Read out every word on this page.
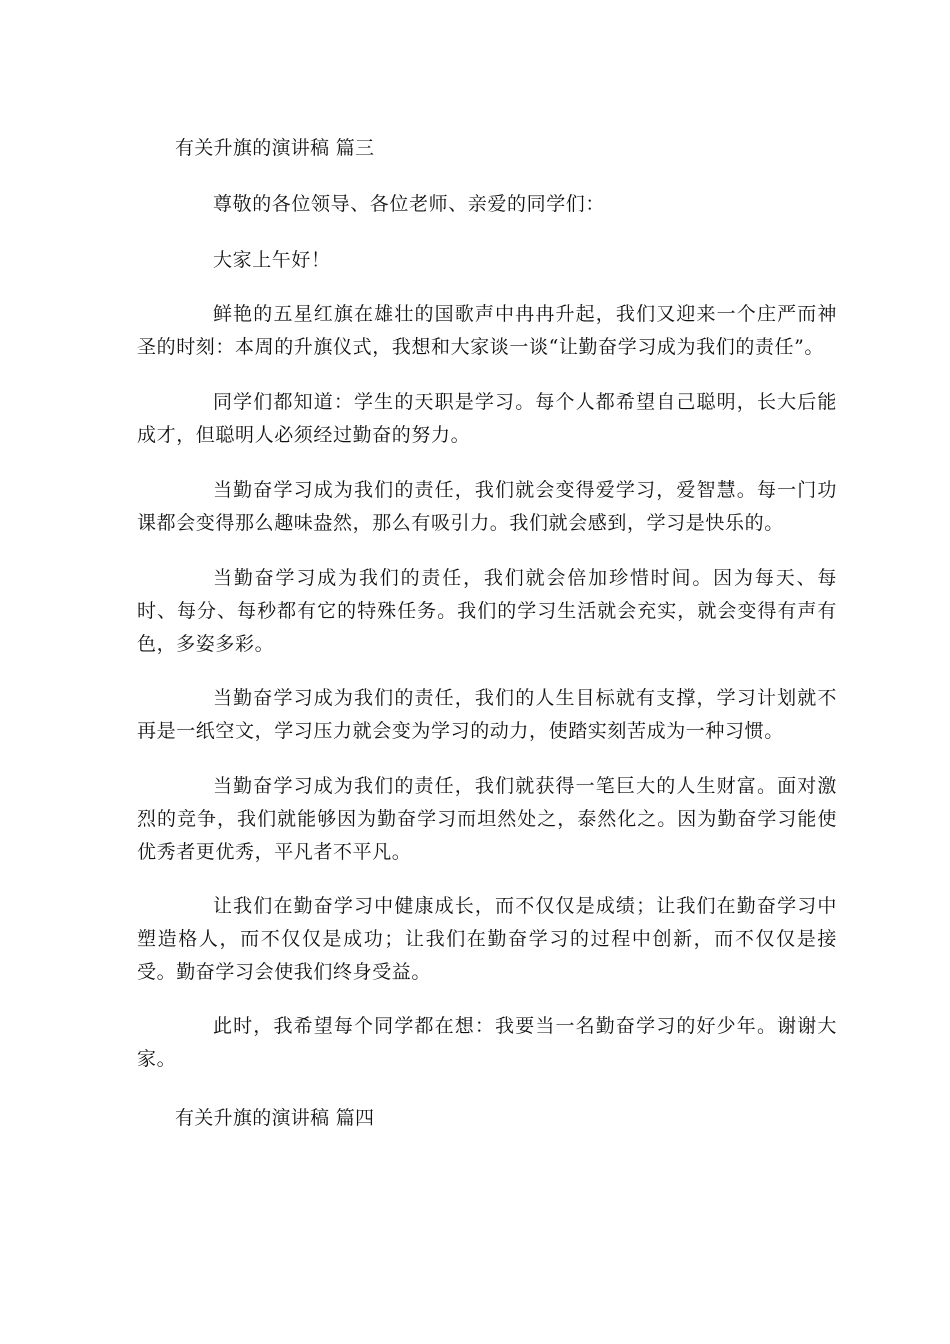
有关升旗的演讲稿 篇三
尊敬的各位领导、各位老师、亲爱的同学们：
大家上午好！
鲜艳的五星红旗在雄壮的国歌声中冉冉升起，我们又迎来一个庄严而神圣的时刻：本周的升旗仪式，我想和大家谈一谈“让勤奋学习成为我们的责任”。
同学们都知道：学生的天职是学习。每个人都希望自己聪明，长大后能成才，但聪明人必须经过勤奋的努力。
当勤奋学习成为我们的责任，我们就会变得爱学习，爱智慧。每一门功课都会变得那么趣味盎然，那么有吸引力。我们就会感到，学习是快乐的。
当勤奋学习成为我们的责任，我们就会倍加珍惜时间。因为每天、每时、每分、每秒都有它的特殊任务。我们的学习生活就会充实，就会变得有声有色，多姿多彩。
当勤奋学习成为我们的责任，我们的人生目标就有支撑，学习计划就不再是一纸空文，学习压力就会变为学习的动力，使踏实刻苦成为一种习惯。
当勤奋学习成为我们的责任，我们就获得一笔巨大的人生财富。面对激烈的竞争，我们就能够因为勤奋学习而坦然处之，泰然化之。因为勤奋学习能使优秀者更优秀，平凡者不平凡。
让我们在勤奋学习中健康成长，而不仅仅是成绩；让我们在勤奋学习中塑造格人，而不仅仅是成功；让我们在勤奋学习的过程中创新，而不仅仅是接受。勤奋学习会使我们终身受益。
此时，我希望每个同学都在想：我要当一名勤奋学习的好少年。谢谢大家。
有关升旗的演讲稿 篇四
